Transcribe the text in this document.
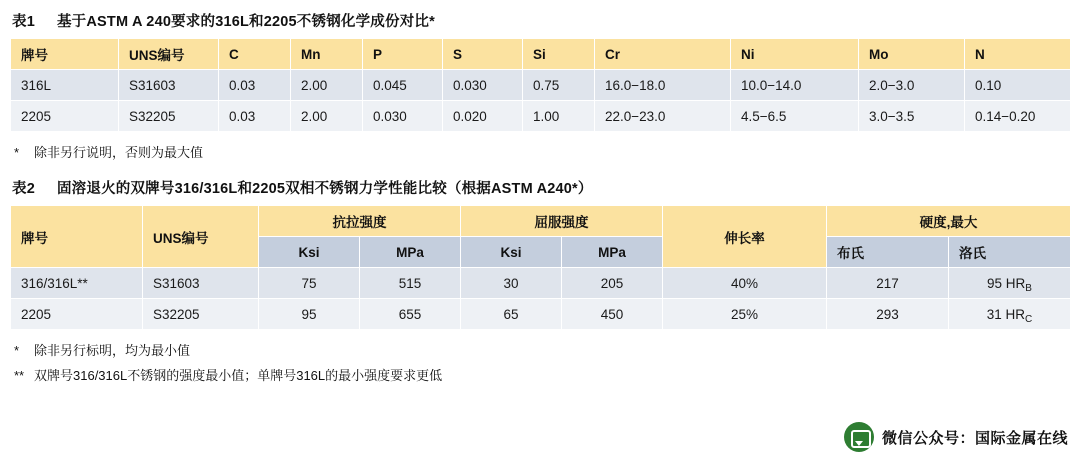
表1 基于ASTM A 240要求的316L和2205不锈钢化学成份对比*
牌号	UNS编号	C	Mn	P	S	Si	Cr	Ni	Mo	N
316L	S31603	0.03	2.00	0.045	0.030	0.75	16.0−18.0	10.0−14.0	2.0−3.0	0.10
2205	S32205	0.03	2.00	0.030	0.020	1.00	22.0−23.0	4.5−6.5	3.0−3.5	0.14−0.20
*	除非另行说明，否则为最大值
表2 固溶退火的双牌号316/316L和2205双相不锈钢力学性能比较（根据ASTM A240*）
牌号	UNS编号	抗拉强度		屈服强度		伸长率	硬度,最大	
		Ksi	MPa	Ksi	MPa		布氏	洛氏
316/316L**	S31603	75	515	30	205	40%	217	95 $HR_B$
2205	S32205	95	655	65	450	25%	293	31 $HR_C$
*	除非另行标明，均为最小值
** 双牌号316/316L不锈钢的强度最小值；单牌号316L的最小强度要求更低
微信公众号：国际金属在线
